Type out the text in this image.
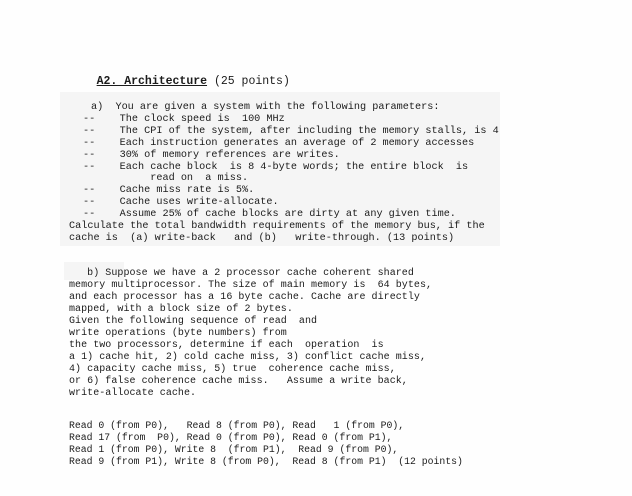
A2. Architecture (25 points)

a)  You are given a system with the following parameters:
--    The clock speed is  100 MHz
--    The CPI of the system, after including the memory stalls, is 4
--    Each instruction generates an average of 2 memory accesses
--    30% of memory references are writes.
--    Each cache block  is 8 4-byte words; the entire block  is
read on  a miss.
--    Cache miss rate is 5%.
--    Cache uses write-allocate.
--    Assume 25% of cache blocks are dirty at any given time.
Calculate the total bandwidth requirements of the memory bus, if the
cache is  (a) write-back   and (b)   write-through. (13 points)
b) Suppose we have a 2 processor cache coherent shared
memory multiprocessor. The size of main memory is  64 bytes,
and each processor has a 16 byte cache. Cache are directly
mapped, with a block size of 2 bytes.
Given the following sequence of read  and
write operations (byte numbers) from
the two processors, determine if each  operation  is
a 1) cache hit, 2) cold cache miss, 3) conflict cache miss,
4) capacity cache miss, 5) true  coherence cache miss,
or 6) false coherence cache miss.   Assume a write back,
write-allocate cache.
Read 0 (from P0),   Read 8 (from P0), Read   1 (from P0),
Read 17 (from  P0), Read 0 (from P0), Read 0 (from P1),
Read 1 (from P0), Write 8  (from P1),  Read 9 (from P0),
Read 9 (from P1), Write 8 (from P0),  Read 8 (from P1)  (12 points)
